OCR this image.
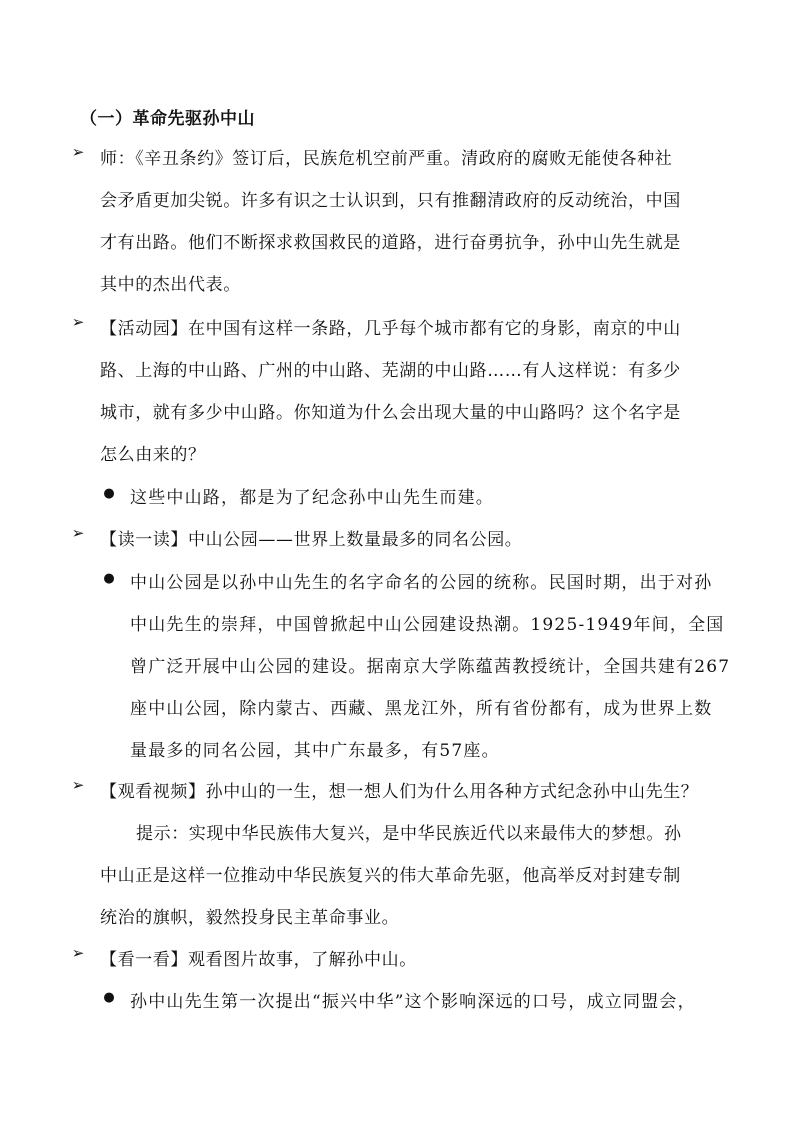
（一）革命先驱孙中山
➢ 师：《辛丑条约》签订后，民族危机空前严重。清政府的腐败无能使各种社
会矛盾更加尖锐。许多有识之士认识到，只有推翻清政府的反动统治，中国
才有出路。他们不断探求救国救民的道路，进行奋勇抗争，孙中山先生就是
其中的杰出代表。
➢ 【活动园】在中国有这样一条路，几乎每个城市都有它的身影，南京的中山
路、上海的中山路、广州的中山路、芜湖的中山路……有人这样说：有多少
城市，就有多少中山路。你知道为什么会出现大量的中山路吗？这个名字是
怎么由来的？
● 这些中山路，都是为了纪念孙中山先生而建。
➢ 【读一读】中山公园——世界上数量最多的同名公园。
● 中山公园是以孙中山先生的名字命名的公园的统称。民国时期，出于对孙
中山先生的崇拜，中国曾掀起中山公园建设热潮。1925-1949年间，全国
曾广泛开展中山公园的建设。据南京大学陈蕴茜教授统计，全国共建有267
座中山公园，除内蒙古、西藏、黑龙江外，所有省份都有，成为世界上数
量最多的同名公园，其中广东最多，有57座。
➢ 【观看视频】孙中山的一生，想一想人们为什么用各种方式纪念孙中山先生？
提示：实现中华民族伟大复兴，是中华民族近代以来最伟大的梦想。孙
中山正是这样一位推动中华民族复兴的伟大革命先驱，他高举反对封建专制
统治的旗帜，毅然投身民主革命事业。
➢ 【看一看】观看图片故事，了解孙中山。
● 孙中山先生第一次提出“振兴中华”这个影响深远的口号，成立同盟会，
